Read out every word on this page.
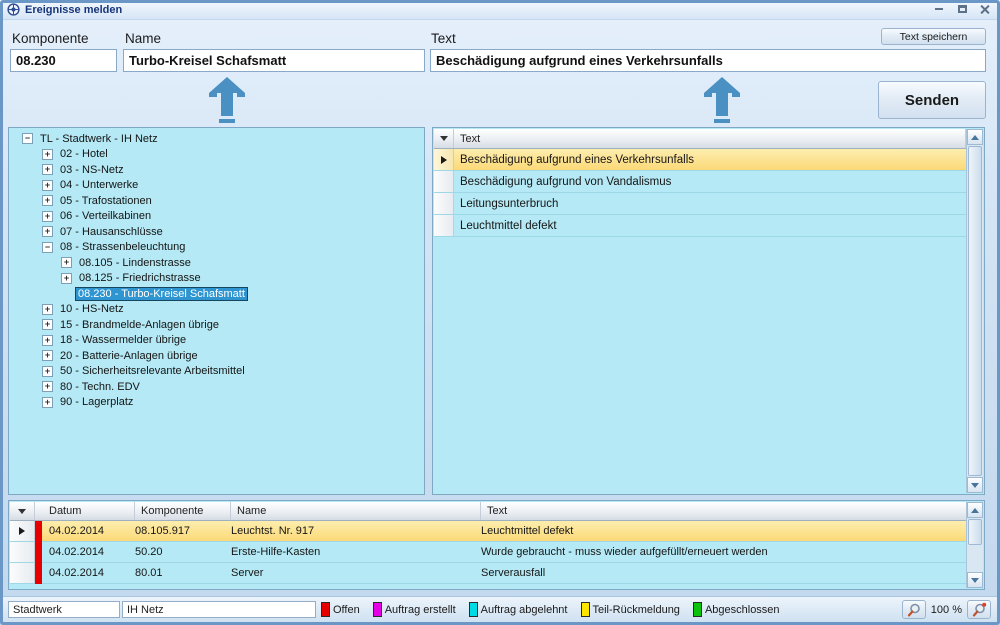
Ereignisse melden
Komponente	Name	Text
08.230
Turbo-Kreisel Schafsmatt
Beschädigung aufgrund eines Verkehrsunfalls	Text speichern
Senden
− TL - Stadtwerk - IH Netz
+ 02 - Hotel
+ 03 - NS-Netz
+ 04 - Unterwerke
+ 05 - Trafostationen
+ 06 - Verteilkabinen
+ 07 - Hausanschlüsse
− 08 - Strassenbeleuchtung
+ 08.105 - Lindenstrasse
+ 08.125 - Friedrichstrasse
08.230 - Turbo-Kreisel Schafsmatt
+ 10 - HS-Netz
+ 15 - Brandmelde-Anlagen übrige
+ 18 - Wassermelder übrige
+ 20 - Batterie-Anlagen übrige
+ 50 - Sicherheitsrelevante Arbeitsmittel
+ 80 - Techn. EDV
+ 90 - Lagerplatz
Text
Beschädigung aufgrund eines Verkehrsunfalls
Beschädigung aufgrund von Vandalismus
Leitungsunterbruch
Leuchtmittel defekt
Datum	Komponente	Name	Text
04.02.2014	08.105.917	Leuchtst. Nr. 917	Leuchtmittel defekt
04.02.2014	50.20	Erste-Hilfe-Kasten	Wurde gebraucht - muss wieder aufgefüllt/erneuert werden
04.02.2014	80.01	Server	Serverausfall
Stadtwerk
IH Netz
Offen Auftrag erstellt Auftrag abgelehnt Teil-Rückmeldung Abgeschlossen	100 %
